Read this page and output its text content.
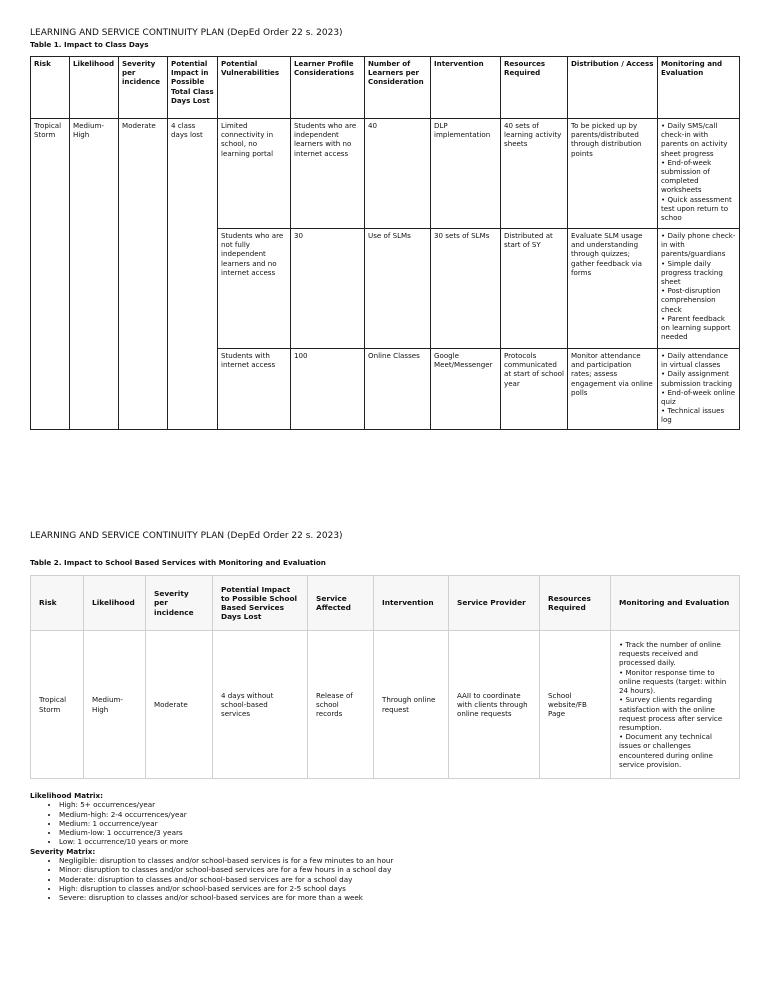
LEARNING AND SERVICE CONTINUITY PLAN (DepEd Order 22 s. 2023)
Table 1. Impact to Class Days
Risk	Likelihood	Severity per incidence	Potential Impact in Possible Total Class Days Lost	Potential Vulnerabilities	Learner Profile Considerations	Number of Learners per Consideration	Intervention	Resources Required	Distribution / Access	Monitoring and Evaluation
Tropical Storm	Medium-High	Moderate	4 class days lost	Limited connectivity in school, no learning portal	Students who are independent learners with no internet access	40	DLP implementation	40 sets of learning activity sheets	To be picked up by parents/distributed through distribution points	• Daily SMS/call check-in with parents on activity sheet progress
• End-of-week submission of completed worksheets
• Quick assessment test upon return to schoo

				Students who are not fully independent learners and no internet access	30	Use of SLMs	30 sets of SLMs	Distributed at start of SY	Evaluate SLM usage and understanding through quizzes; gather feedback via forms	• Daily phone check-in with parents/guardians
• Simple daily progress tracking sheet
• Post-disruption comprehension check
• Parent feedback on learning support needed

				Students with internet access	100	Online Classes	Google Meet/Messenger	Protocols communicated at start of school year	Monitor attendance and participation rates; assess engagement via online polls	• Daily attendance in virtual classes
• Daily assignment submission tracking
• End-of-week online quiz
• Technical issues log
LEARNING AND SERVICE CONTINUITY PLAN (DepEd Order 22 s. 2023)
Table 2. Impact to School Based Services with Monitoring and Evaluation
Risk	Likelihood	Severity per incidence	Potential Impact to Possible School Based Services Days Lost	Service Affected	Intervention	Service Provider	Resources Required	Monitoring and Evaluation
Tropical Storm	Medium-High	Moderate	4 days without school-based services	Release of school records	Through online request	AAII to coordinate with clients through online requests	School website/FB Page	• Track the number of online requests received and processed daily.
• Monitor response time to online requests (target: within 24 hours).
• Survey clients regarding satisfaction with the online request process after service resumption.
• Document any technical issues or challenges encountered during online service provision.
Likelihood Matrix:
• High: 5+ occurrences/year
• Medium-high: 2-4 occurrences/year
• Medium: 1 occurrence/year
• Medium-low: 1 occurrence/3 years
• Low: 1 occurrence/10 years or more
Severity Matrix:
• Negligible: disruption to classes and/or school-based services is for a few minutes to an hour
• Minor: disruption to classes and/or school-based services are for a few hours in a school day
• Moderate: disruption to classes and/or school-based services are for a school day
• High: disruption to classes and/or school-based services are for 2-5 school days
• Severe: disruption to classes and/or school-based services are for more than a week
